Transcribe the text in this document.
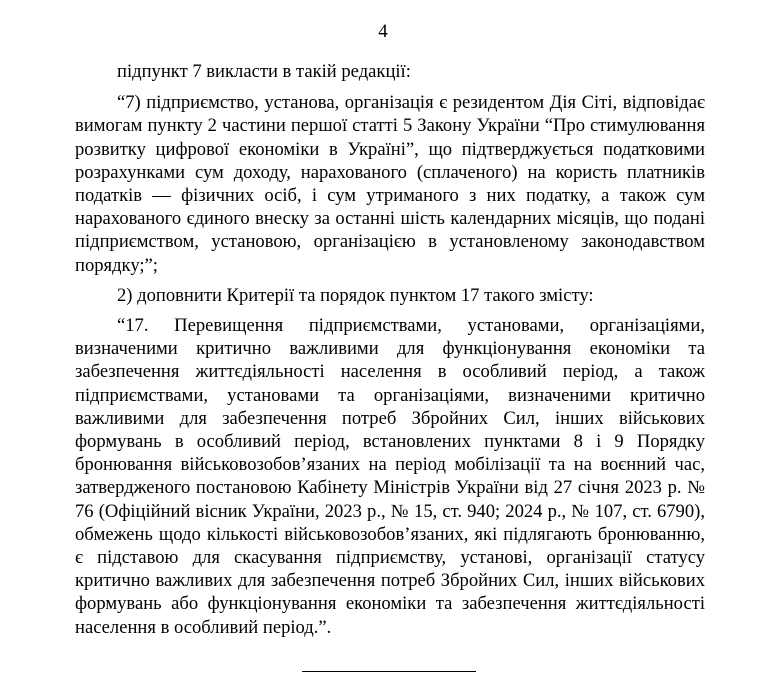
4

підпункт 7 викласти в такій редакції:

“7) підприємство, установа, організація є резидентом Дія Сіті, відповідає вимогам пункту 2 частини першої статті 5 Закону України “Про стимулювання розвитку цифрової економіки в Україні”, що підтверджується податковими розрахунками сум доходу, нарахованого (сплаченого) на користь платників податків — фізичних осіб, і сум утриманого з них податку, а також сум нарахованого єдиного внеску за останні шість календарних місяців, що подані підприємством, установою, організацією в установленому законодавством порядку;”;

2) доповнити Критерії та порядок пунктом 17 такого змісту:

“17. Перевищення підприємствами, установами, організаціями, визначеними критично важливими для функціонування економіки та забезпечення життєдіяльності населення в особливий період, а також підприємствами, установами та організаціями, визначеними критично важливими для забезпечення потреб Збройних Сил, інших військових формувань в особливий період, встановлених пунктами 8 і 9 Порядку бронювання військовозобов’язаних на період мобілізації та на воєнний час, затвердженого постановою Кабінету Міністрів України від 27 січня 2023 р. № 76 (Офіційний вісник України, 2023 р., № 15, ст. 940; 2024 р., № 107, ст. 6790), обмежень щодо кількості військовозобов’язаних, які підлягають бронюванню, є підставою для скасування підприємству, установі, організації статусу критично важливих для забезпечення потреб Збройних Сил, інших військових формувань або функціонування економіки та забезпечення життєдіяльності населення в особливий період.”.
